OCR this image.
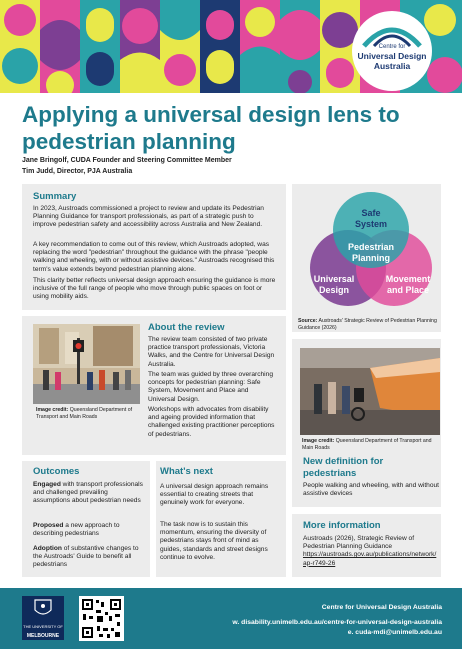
Centre for
Universal Design
Australia
Applying a universal design lens to pedestrian planning
Jane Bringolf, CUDA Founder and Steering Committee Member
Tim Judd, Director, PJA Australia
Summary
In 2023, Austroads commissioned a project to review and update its Pedestrian Planning Guidance for transport professionals, as part of a strategic push to improve pedestrian safety and accessibility across Australia and New Zealand.
A key recommendation to come out of this review, which Austroads adopted, was replacing the word "pedestrian" throughout the guidance with the phrase "people walking and wheeling, with or without assistive devices." Austroads recognised this term's value extends beyond pedestrian planning alone.
This clarity better reflects universal design approach ensuring the guidance is more inclusive of the full range of people who move through public spaces on foot or using mobility aids.
Safe
System
Pedestrian
Planning
Universal
Design
Movement
and Place
Source: Austroads' Strategic Review of Pedestrian Planning Guidance (2026)
Image credit: Queensland Department of Transport and Main Roads
About the review
The review team consisted of two private practice transport professionals, Victoria Walks, and the Centre for Universal Design Australia.
The team was guided by three overarching concepts for pedestrian planning: Safe System, Movement and Place and Universal Design.
Workshops with advocates from disability and ageing provided information that challenged existing practitioner perceptions of pedestrians.
Image credit: Queensland Department of Transport and Main Roads
New definition for pedestrians
People walking and wheeling, with and without assistive devices
Outcomes
Engaged with transport professionals and challenged prevailing assumptions about pedestrian needs
Proposed a new approach to describing pedestrians
Adoption of substantive changes to the Austroads' Guide to benefit all pedestrians
What's next
A universal design approach remains essential to creating streets that genuinely work for everyone.
The task now is to sustain this momentum, ensuring the diversity of pedestrians stays front of mind as guides, standards and street designs continue to evolve.
More information
Austroads (2026), Strategic Review of Pedestrian Planning Guidance
https://austroads.gov.au/publications/network/ap-r749-26
THE UNIVERSITY OF
MELBOURNE
Centre for Universal Design Australia
w. disability.unimelb.edu.au/centre-for-universal-design-australia
e. cuda-mdi@unimelb.edu.au
